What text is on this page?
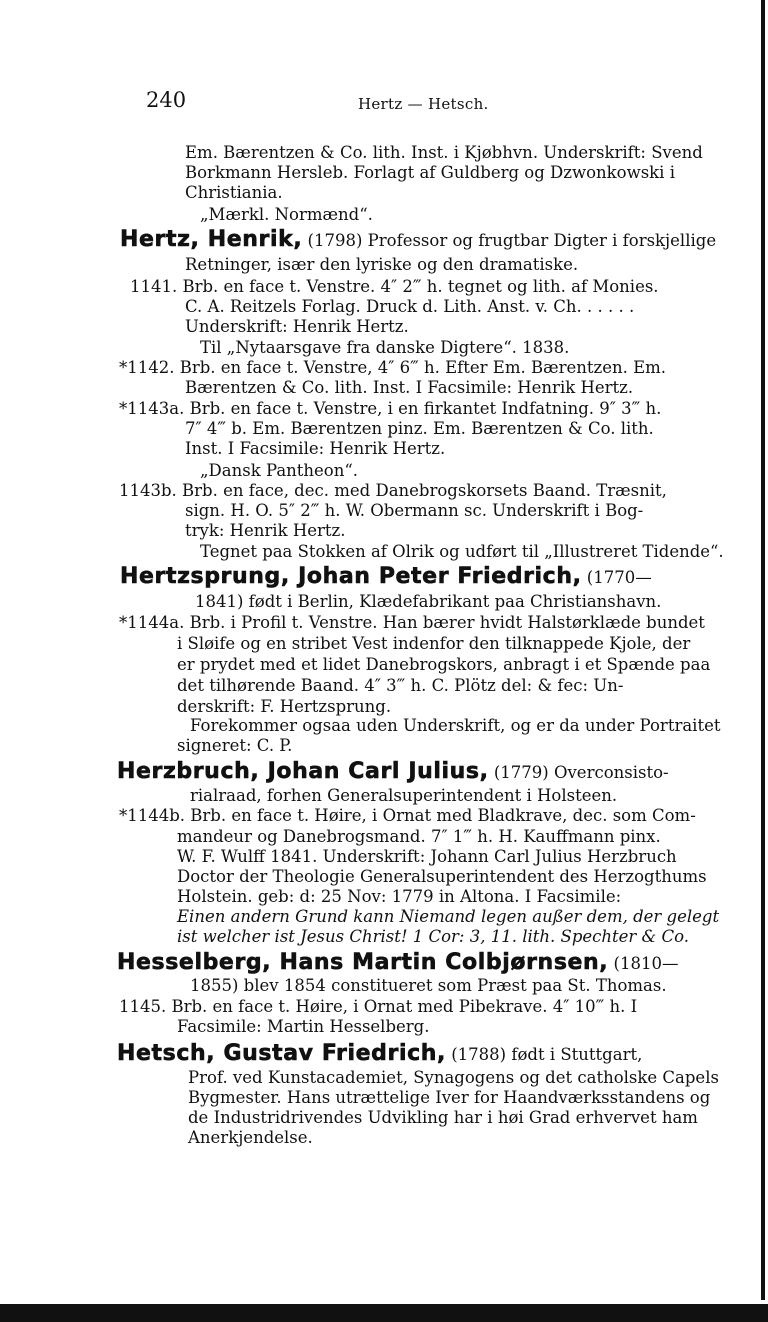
240	Hertz — Hetsch.
Em. Bærentzen & Co. lith. Inst. i Kjøbhvn. Underskrift: Svend
Borkmann Hersleb. Forlagt af Guldberg og Dzwonkowski i
Christiania.
„Mærkl. Normænd“.
Hertz, Henrik, (1798) Professor og frugtbar Digter i forskjellige
Retninger, især den lyriske og den dramatiske.
1141. Brb. en face t. Venstre. 4″ 2‴ h. tegnet og lith. af Monies.
C. A. Reitzels Forlag. Druck d. Lith. Anst. v. Ch. . . . . .
Underskrift: Henrik Hertz.
Til „Nytaarsgave fra danske Digtere“. 1838.
*1142. Brb. en face t. Venstre, 4″ 6‴ h. Efter Em. Bærentzen. Em.
Bærentzen & Co. lith. Inst. I Facsimile: Henrik Hertz.
*1143a. Brb. en face t. Venstre, i en firkantet Indfatning. 9″ 3‴ h.
7″ 4‴ b. Em. Bærentzen pinz. Em. Bærentzen & Co. lith.
Inst. I Facsimile: Henrik Hertz.
„Dansk Pantheon“.
1143b. Brb. en face, dec. med Danebrogskorsets Baand. Træsnit,
sign. H. O. 5″ 2‴ h. W. Obermann sc. Underskrift i Bog-
tryk: Henrik Hertz.
Tegnet paa Stokken af Olrik og udført til „Illustreret Tidende“.
Hertzsprung, Johan Peter Friedrich, (1770—
1841) født i Berlin, Klædefabrikant paa Christianshavn.
*1144a. Brb. i Profil t. Venstre. Han bærer hvidt Halstørklæde bundet
i Sløife og en stribet Vest indenfor den tilknappede Kjole, der
er prydet med et lidet Danebrogskors, anbragt i et Spænde paa
det tilhørende Baand. 4″ 3‴ h. C. Plötz del: & fec: Un-
derskrift: F. Hertzsprung.
Forekommer ogsaa uden Underskrift, og er da under Portraitet
signeret: C. P.
Herzbruch, Johan Carl Julius, (1779) Overconsisto-
rialraad, forhen Generalsuperintendent i Holsteen.
*1144b. Brb. en face t. Høire, i Ornat med Bladkrave, dec. som Com-
mandeur og Danebrogsmand. 7″ 1‴ h. H. Kauffmann pinx.
W. F. Wulff 1841. Underskrift: Johann Carl Julius Herzbruch
Doctor der Theologie Generalsuperintendent des Herzogthums
Holstein. geb: d: 25 Nov: 1779 in Altona. I Facsimile:
Einen andern Grund kann Niemand legen außer dem, der gelegt
ist welcher ist Jesus Christ! 1 Cor: 3, 11. lith. Spechter & Co.
Hesselberg, Hans Martin Colbjørnsen, (1810—
1855) blev 1854 constitueret som Præst paa St. Thomas.
1145. Brb. en face t. Høire, i Ornat med Pibekrave. 4″ 10‴ h. I
Facsimile: Martin Hesselberg.
Hetsch, Gustav Friedrich, (1788) født i Stuttgart,
Prof. ved Kunstacademiet, Synagogens og det catholske Capels
Bygmester. Hans utrættelige Iver for Haandværksstandens og
de Industridrivendes Udvikling har i høi Grad erhvervet ham
Anerkjendelse.
